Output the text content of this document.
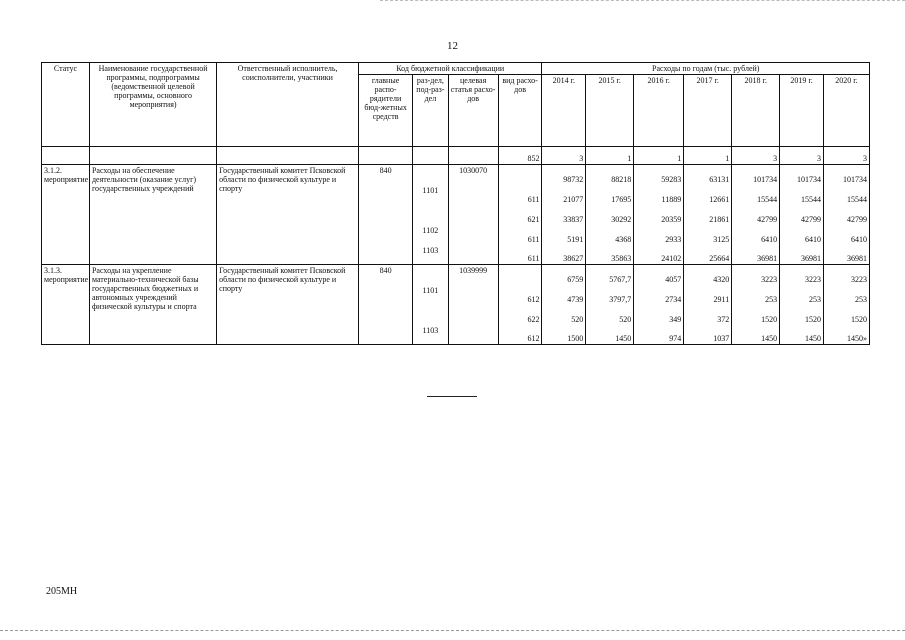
12
Статус	Наименование государственной программы, подпрограммы (ведомственной целевой программы, основного мероприятия)	Ответственный исполнитель, соисполнители, участники	Код бюджетной классификации				Расходы по годам (тыс. рублей)						
			главные распо-рядители бюд-жетных средств	раз-дел, под-раз-дел	целевая статья расхо-дов	вид расхо-дов	2014 г.	2015 г.	2016 г.	2017 г.	2018 г.	2019 г.	2020 г.
						852	3	1	1	1	3	3	3
3.1.2. мероприятие	Расходы на обеспечение деятельности (оказание услуг) государственных учреждений	Государственный комитет Псковской области по физической культуре и спорту	840		1030070		98732	88218	59283	63131	101734	101734	101734
				1101		611	21077	17695	11889	12661	15544	15544	15544
						621	33837	30292	20359	21861	42799	42799	42799
				1102		611	5191	4368	2933	3125	6410	6410	6410
				1103		611	38627	35863	24102	25664	36981	36981	36981
3.1.3. мероприятие	Расходы на укрепление материально-технической базы государственных бюджетных и автономных учреждений физической культуры и спорта	Государственный комитет Псковской области по физической культуре и спорту	840		1039999		6759	5767,7	4057	4320	3223	3223	3223
				1101		612	4739	3797,7	2734	2911	253	253	253
						622	520	520	349	372	1520	1520	1520
				1103		612	1500	1450	974	1037	1450	1450	1450»
205МН
